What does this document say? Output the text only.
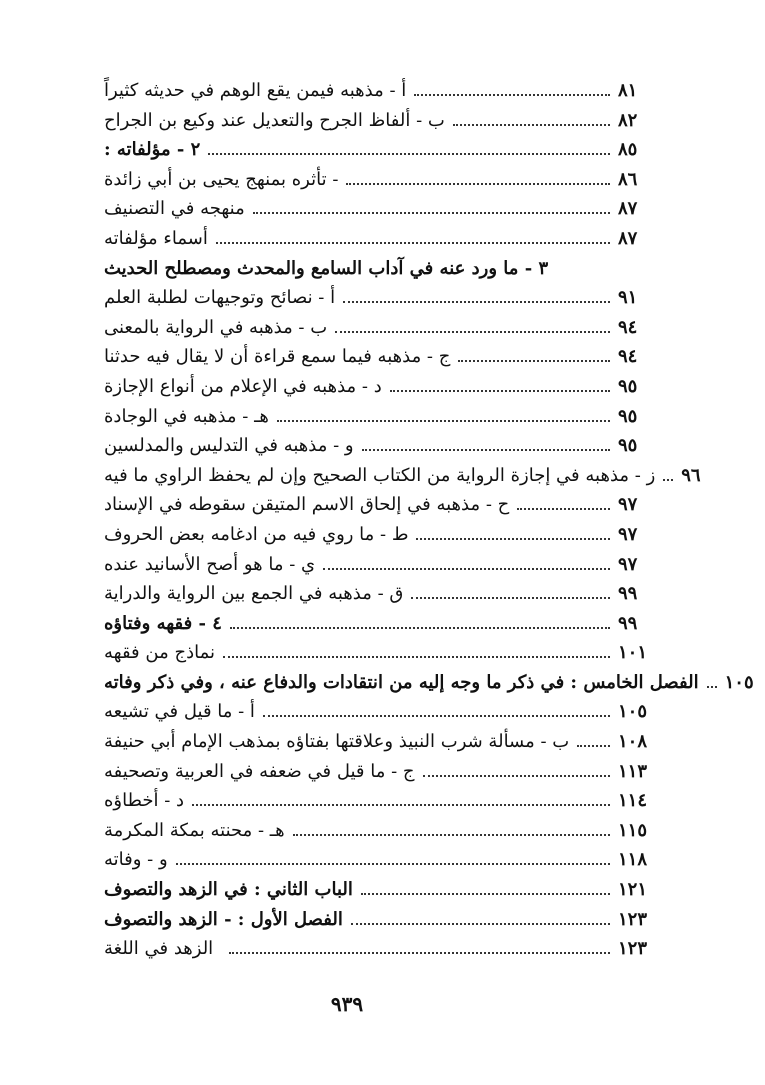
أ - مذهبه فيمن يقع الوهم في حديثه كثيراً	٨١
ب - ألفاظ الجرح والتعديل عند وكيع بن الجراح	٨٢
٢ - مؤلفاته :	٨٥
- تأثره بمنهج يحيى بن أبي زائدة	٨٦
منهجه في التصنيف	٨٧
أسماء مؤلفاته	٨٧
٣ - ما ورد عنه في آداب السامع والمحدث ومصطلح الحديث
أ - نصائح وتوجيهات لطلبة العلم	٩١
ب - مذهبه في الرواية بالمعنى	٩٤
ج - مذهبه فيما سمع قراءة أن لا يقال فيه حدثنا	٩٤
د - مذهبه في الإعلام من أنواع الإجازة	٩٥
هـ - مذهبه في الوجادة	٩٥
و - مذهبه في التدليس والمدلسين	٩٥
ز - مذهبه في إجازة الرواية من الكتاب الصحيح وإن لم يحفظ الراوي ما فيه ٩٦
ح - مذهبه في إلحاق الاسم المتيقن سقوطه في الإسناد	٩٧
ط - ما روي فيه من ادغامه بعض الحروف	٩٧
ي - ما هو أصح الأسانيد عنده	٩٧
ق - مذهبه في الجمع بين الرواية والدراية	٩٩
٤ - فقهه وفتاؤه	٩٩
نماذج من فقهه	١٠١
الفصل الخامس : في ذكر ما وجه إليه من انتقادات والدفاع عنه ، وفي ذكر وفاته ١٠٥
أ - ما قيل في تشيعه	١٠٥
ب - مسألة شرب النبيذ وعلاقتها بفتاؤه بمذهب الإمام أبي حنيفة	١٠٨
ج - ما قيل في ضعفه في العربية وتصحيفه	١١٣
د - أخطاؤه	١١٤
هـ - محنته بمكة المكرمة	١١٥
و - وفاته	١١٨
الباب الثاني : في الزهد والتصوف	١٢١
الفصل الأول : - الزهد والتصوف	١٢٣
الزهد في اللغة	١٢٣
٩٣٩
